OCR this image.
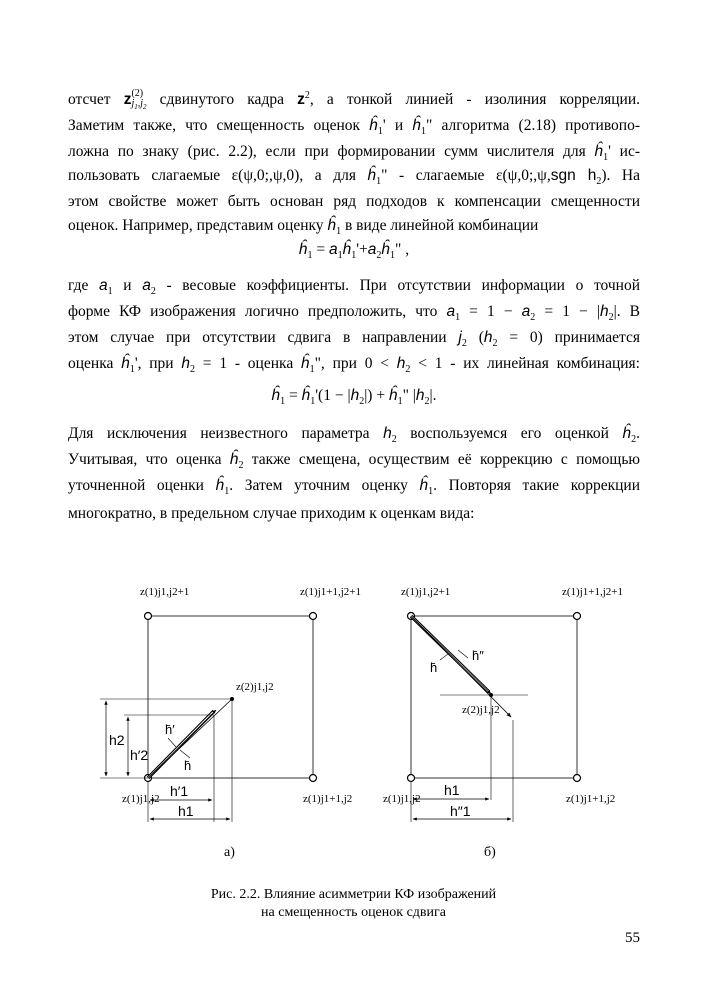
отсчет z (2)
$j_1,j_2$ сдвинутого кадра $z^2$, а тонкой линией - изолиния корреляции.
Заметим также, что смещенность оценок $ĥ_1'$ и $ĥ_1$" алгоритма (2.18) противопо-
ложна по знаку (рис. 2.2), если при формировании сумм числителя для $ĥ_1'$ ис-
пользовать слагаемые ε(ψ,0;,ψ,0), а для $ĥ_1$" - слагаемые ε(ψ,0;,ψ,sgn $h_2$). На
этом свойстве может быть основан ряд подходов к компенсации смещенности
оценок. Например, представим оценку $ĥ_1$ в виде линейной комбинации
$ĥ_1$ = $a_1ĥ_1'+a_2ĥ_1$" ,
где $a_1$ и $a_2$ - весовые коэффициенты. При отсутствии информации о точной
форме КФ изображения логично предположить, что $a_1 = 1 - a_2 = 1 - |h_2|$. В
этом случае при отсутствии сдвига в направлении $j_2$ $(h_2 = 0)$ принимается
оценка $ĥ_1'$, при $h_2 = 1$ - оценка $ĥ_1$", при $0 < h_2 < 1$ - их линейная комбинация:
$ĥ_1$ = $ĥ_1'(1 - |h_2|)$ + $ĥ_1$" $|h_2|$.
Для исключения неизвестного параметра $h_2$ воспользуемся его оценкой $ĥ_2$.
Учитывая, что оценка $ĥ_2$ также смещена, осуществим её коррекцию с помощью
уточненной оценки $ĥ_1$. Затем уточним оценку $ĥ_1$. Повторяя такие коррекции
многократно, в предельном случае приходим к оценкам вида:
z(1)j1,j2+1	z(1)j1+1,j2+1
z(2)j1,j2
z(1)j1,j2	z(1)j1+1,j2
h̄′
h̄
h2
h′2
h′1
h1
а)
z(1)j1,j2+1	z(1)j1+1,j2+1
z(2)j1,j2
z(1)j1,j2	z(1)j1+1,j2
h̄″
h̄
h1
h″1
б)
Рис. 2.2. Влияние асимметрии КФ изображений
на смещенность оценок сдвига
55
